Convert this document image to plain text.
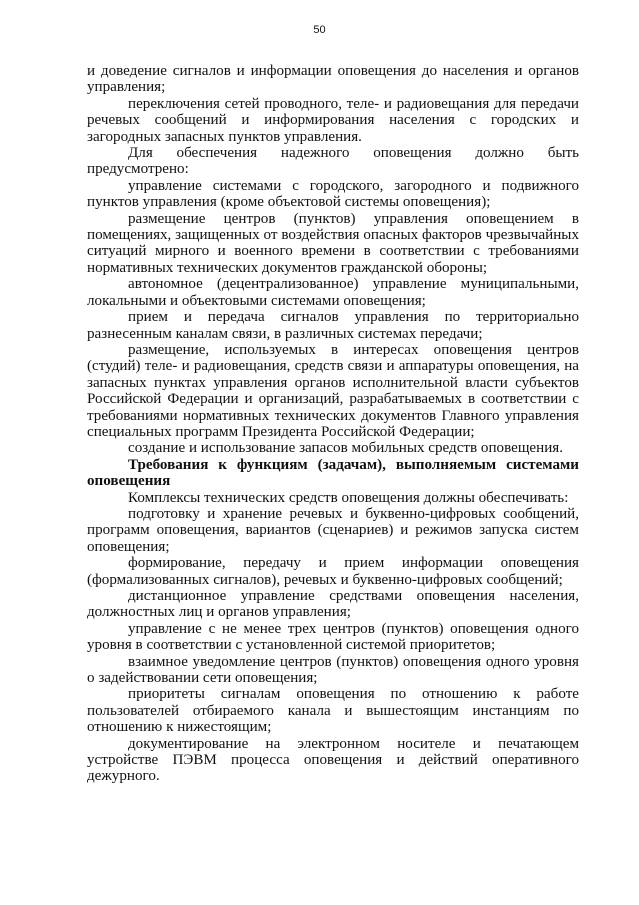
50

и доведение сигналов и информации оповещения до населения и органов управления;

переключения сетей проводного, теле- и радиовещания для передачи речевых сообщений и информирования населения с городских и загородных запасных пунктов управления.

Для обеспечения надежного оповещения должно быть предусмотрено:

управление системами с городского, загородного и подвижного пунктов управления (кроме объектовой системы оповещения);

размещение центров (пунктов) управления оповещением в помещениях, защищенных от воздействия опасных факторов чрезвычайных ситуаций мирного и военного времени в соответствии с требованиями нормативных технических документов гражданской обороны;

автономное (децентрализованное) управление муниципальными, локальными и объектовыми системами оповещения;

прием и передача сигналов управления по территориально разнесенным каналам связи, в различных системах передачи;

размещение, используемых в интересах оповещения центров (студий) теле- и радиовещания, средств связи и аппаратуры оповещения, на запасных пунктах управления органов исполнительной власти субъектов Российской Федерации и организаций, разрабатываемых в соответствии с требованиями нормативных технических документов Главного управления специальных программ Президента Российской Федерации;

создание и использование запасов мобильных средств оповещения.

Требования к функциям (задачам), выполняемым системами оповещения

Комплексы технических средств оповещения должны обеспечивать:

подготовку и хранение речевых и буквенно-цифровых сообщений, программ оповещения, вариантов (сценариев) и режимов запуска систем оповещения;

формирование, передачу и прием информации оповещения (формализованных сигналов), речевых и буквенно-цифровых сообщений;

дистанционное управление средствами оповещения населения, должностных лиц и органов управления;

управление с не менее трех центров (пунктов) оповещения одного уровня в соответствии с установленной системой приоритетов;

взаимное уведомление центров (пунктов) оповещения одного уровня о задействовании сети оповещения;

приоритеты сигналам оповещения по отношению к работе пользователей отбираемого канала и вышестоящим инстанциям по отношению к нижестоящим;

документирование на электронном носителе и печатающем устройстве ПЭВМ процесса оповещения и действий оперативного дежурного.
